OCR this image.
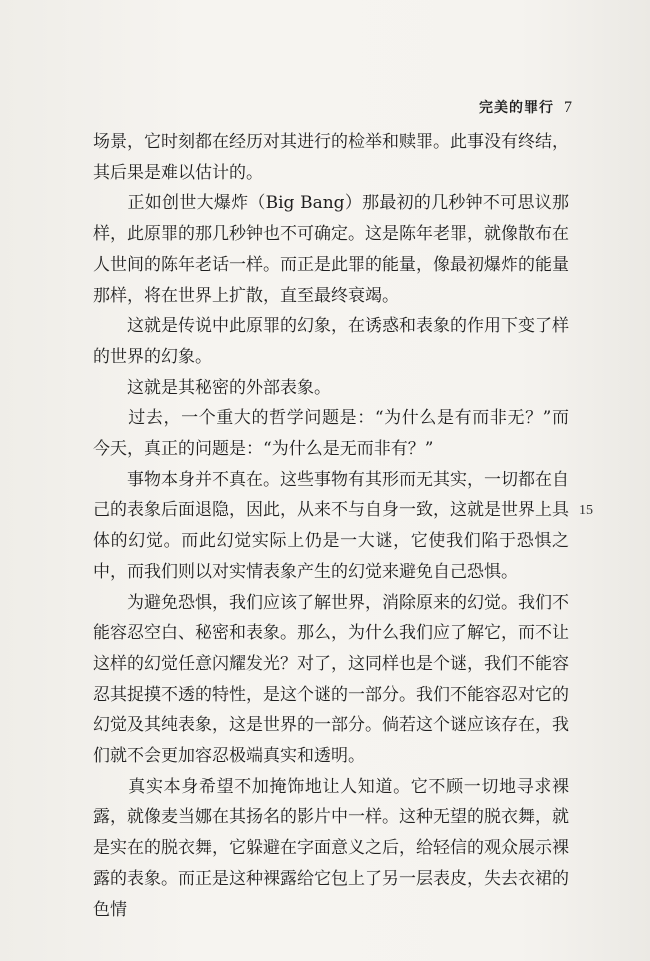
完美的罪行 7

场景，它时刻都在经历对其进行的检举和赎罪。此事没有终结，其后果是难以估计的。

　　正如创世大爆炸（Big Bang）那最初的几秒钟不可思议那样，此原罪的那几秒钟也不可确定。这是陈年老罪，就像散布在人世间的陈年老话一样。而正是此罪的能量，像最初爆炸的能量那样，将在世界上扩散，直至最终衰竭。

　　这就是传说中此原罪的幻象，在诱惑和表象的作用下变了样的世界的幻象。

　　这就是其秘密的外部表象。

　　过去，一个重大的哲学问题是：“为什么是有而非无？”而今天，真正的问题是：“为什么是无而非有？”

　　事物本身并不真在。这些事物有其形而无其实，一切都在自己的表象后面退隐，因此，从来不与自身一致，这就是世界上具体的幻觉。而此幻觉实际上仍是一大谜，它使我们陷于恐惧之中，而我们则以对实情表象产生的幻觉来避免自己恐惧。

　　为避免恐惧，我们应该了解世界，消除原来的幻觉。我们不能容忍空白、秘密和表象。那么，为什么我们应了解它，而不让这样的幻觉任意闪耀发光？对了，这同样也是个谜，我们不能容忍其捉摸不透的特性，是这个谜的一部分。我们不能容忍对它的幻觉及其纯表象，这是世界的一部分。倘若这个谜应该存在，我们就不会更加容忍极端真实和透明。

　　真实本身希望不加掩饰地让人知道。它不顾一切地寻求裸露，就像麦当娜在其扬名的影片中一样。这种无望的脱衣舞，就是实在的脱衣舞，它躲避在字面意义之后，给轻信的观众展示裸露的表象。而正是这种裸露给它包上了另一层表皮，失去衣裙的色情

15
